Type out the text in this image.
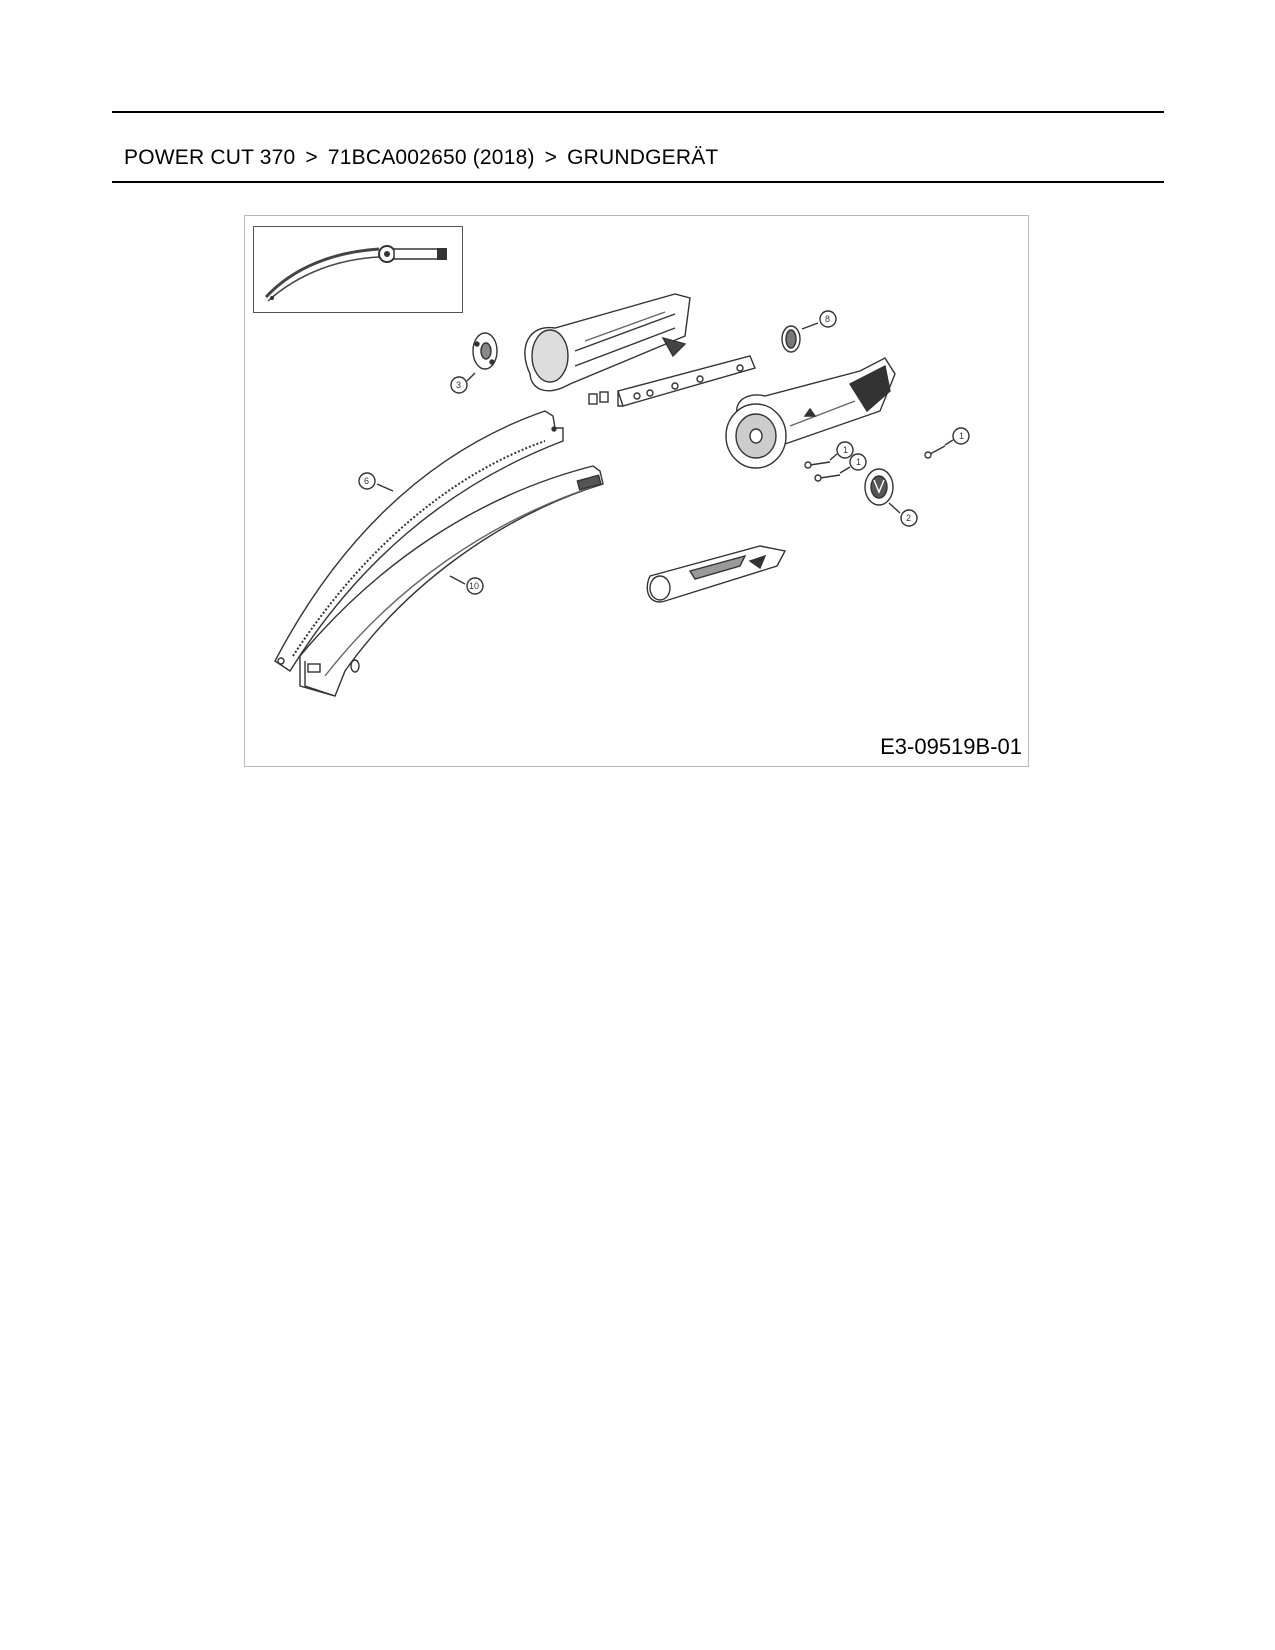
POWER CUT 370 > 71BCA002650 (2018) > GRUNDGERÄT
3
8
1
1
1
2
6
10
E3-09519B-01
